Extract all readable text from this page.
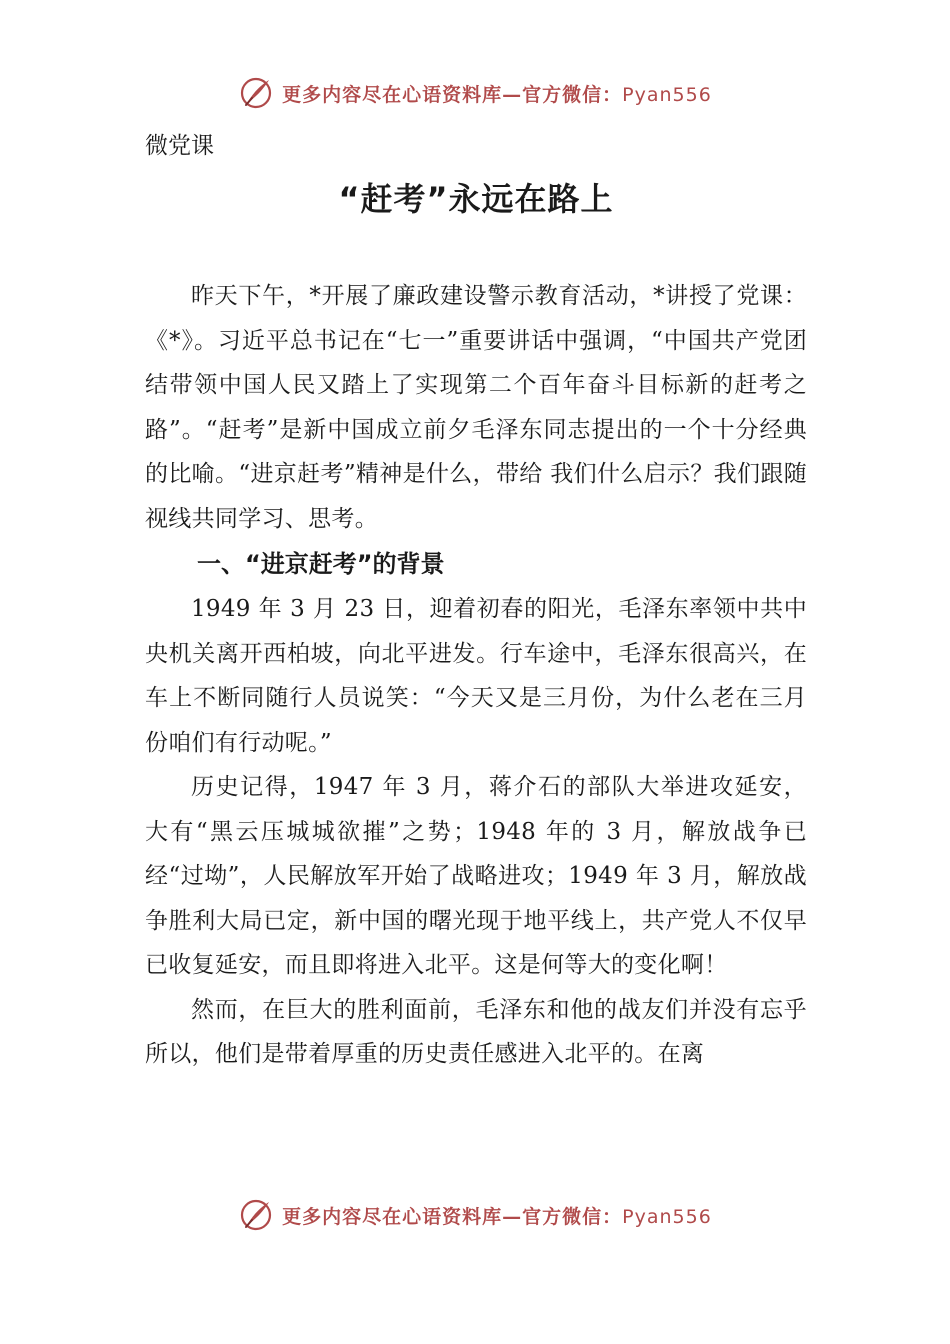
更多内容尽在心语资料库—官方微信：Pyan556

微党课

“赶考”永远在路上

昨天下午，*开展了廉政建设警示教育活动，*讲授了党课：《*》。习近平总书记在“七一”重要讲话中强调，“中国共产党团结带领中国人民又踏上了实现第二个百年奋斗目标新的赶考之路”。“赶考”是新中国成立前夕毛泽东同志提出的一个十分经典的比喻。“进京赶考”精神是什么，带给 我们什么启示？我们跟随视线共同学习、思考。

一、“进京赶考”的背景

1949 年 3 月 23 日，迎着初春的阳光，毛泽东率领中共中央机关离开西柏坡，向北平进发。行车途中，毛泽东很高兴，在车上不断同随行人员说笑：“今天又是三月份，为什么老在三月份咱们有行动呢。”

历史记得，1947 年 3 月，蒋介石的部队大举进攻延安， 大有“黑云压城城欲摧”之势；1948 年的 3 月，解放战争已经“过坳”，人民解放军开始了战略进攻；1949 年 3 月，解放战争胜利大局已定，新中国的曙光现于地平线上，共产党人不仅早已收复延安，而且即将进入北平。这是何等大的变化啊！

然而，在巨大的胜利面前，毛泽东和他的战友们并没有忘乎所以，他们是带着厚重的历史责任感进入北平的。在离

更多内容尽在心语资料库—官方微信：Pyan556
